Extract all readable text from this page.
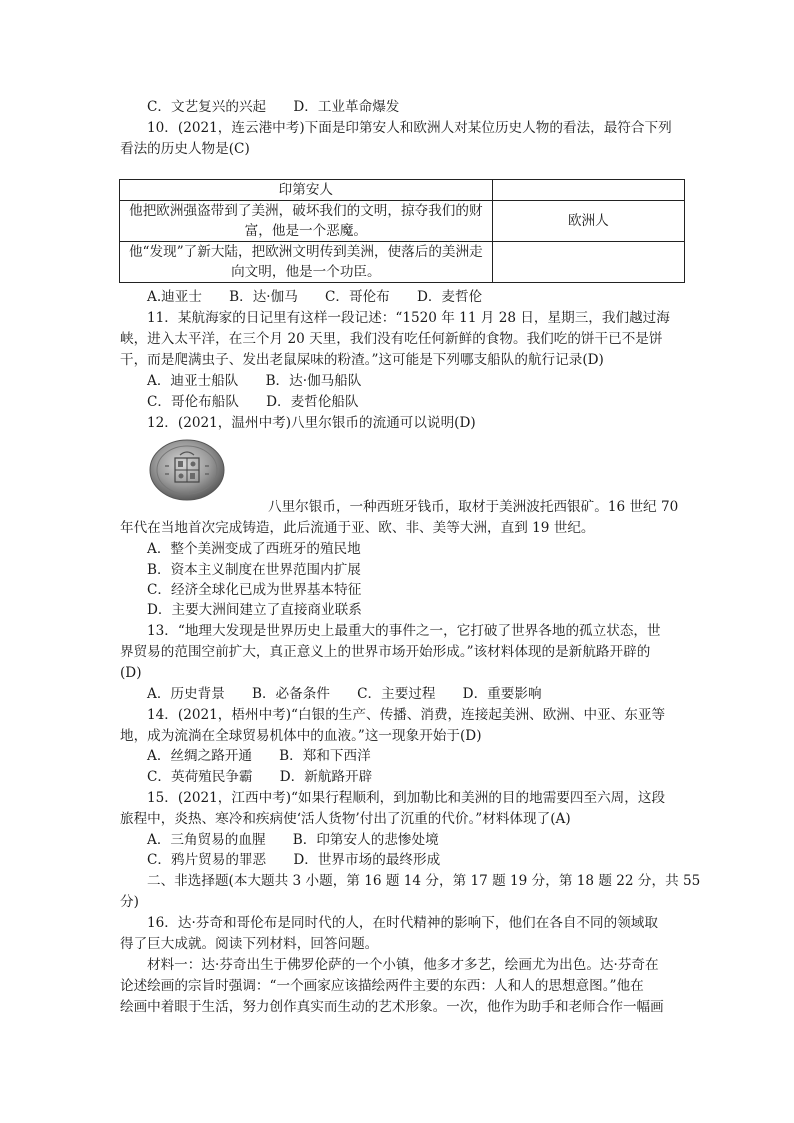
C．文艺复兴的兴起　　D．工业革命爆发
10．(2021，连云港中考)下面是印第安人和欧洲人对某位历史人物的看法，最符合下列
看法的历史人物是(C)
印第安人	
他把欧洲强盗带到了美洲，破坏我们的文明，掠夺我们的财富，他是一个恶魔。	欧洲人
他“发现”了新大陆，把欧洲文明传到美洲，使落后的美洲走向文明，他是一个功臣。	
A.迪亚士　　B．达·伽马　　C．哥伦布　　D．麦哲伦
11．某航海家的日记里有这样一段记述：“1520 年 11 月 28 日，星期三，我们越过海
峡，进入太平洋，在三个月 20 天里，我们没有吃任何新鲜的食物。我们吃的饼干已不是饼
干，而是爬满虫子、发出老鼠屎味的粉渣。”这可能是下列哪支船队的航行记录(D)
A．迪亚士船队　　B．达·伽马船队
C．哥伦布船队　　D．麦哲伦船队
12．(2021，温州中考)八里尔银币的流通可以说明(D)
八里尔银币，一种西班牙钱币，取材于美洲波托西银矿。16 世纪 70
年代在当地首次完成铸造，此后流通于亚、欧、非、美等大洲，直到 19 世纪。
A．整个美洲变成了西班牙的殖民地
B．资本主义制度在世界范围内扩展
C．经济全球化已成为世界基本特征
D．主要大洲间建立了直接商业联系
13．“地理大发现是世界历史上最重大的事件之一，它打破了世界各地的孤立状态，世
界贸易的范围空前扩大，真正意义上的世界市场开始形成。”该材料体现的是新航路开辟的
(D)
A．历史背景　　B．必备条件　　C．主要过程　　D．重要影响
14．(2021，梧州中考)“白银的生产、传播、消费，连接起美洲、欧洲、中亚、东亚等
地，成为流淌在全球贸易机体中的血液。”这一现象开始于(D)
A．丝绸之路开通　　B．郑和下西洋
C．英荷殖民争霸　　D．新航路开辟
15．(2021，江西中考)“如果行程顺利，到加勒比和美洲的目的地需要四至六周，这段
旅程中，炎热、寒冷和疾病使‘活人货物’付出了沉重的代价。”材料体现了(A)
A．三角贸易的血腥　　B．印第安人的悲惨处境
C．鸦片贸易的罪恶　　D．世界市场的最终形成
二、非选择题(本大题共 3 小题，第 16 题 14 分，第 17 题 19 分，第 18 题 22 分，共 55
分)
16．达·芬奇和哥伦布是同时代的人，在时代精神的影响下，他们在各自不同的领域取
得了巨大成就。阅读下列材料，回答问题。
材料一：达·芬奇出生于佛罗伦萨的一个小镇，他多才多艺，绘画尤为出色。达·芬奇在
论述绘画的宗旨时强调：“一个画家应该描绘两件主要的东西：人和人的思想意图。”他在
绘画中着眼于生活，努力创作真实而生动的艺术形象。一次，他作为助手和老师合作一幅画
